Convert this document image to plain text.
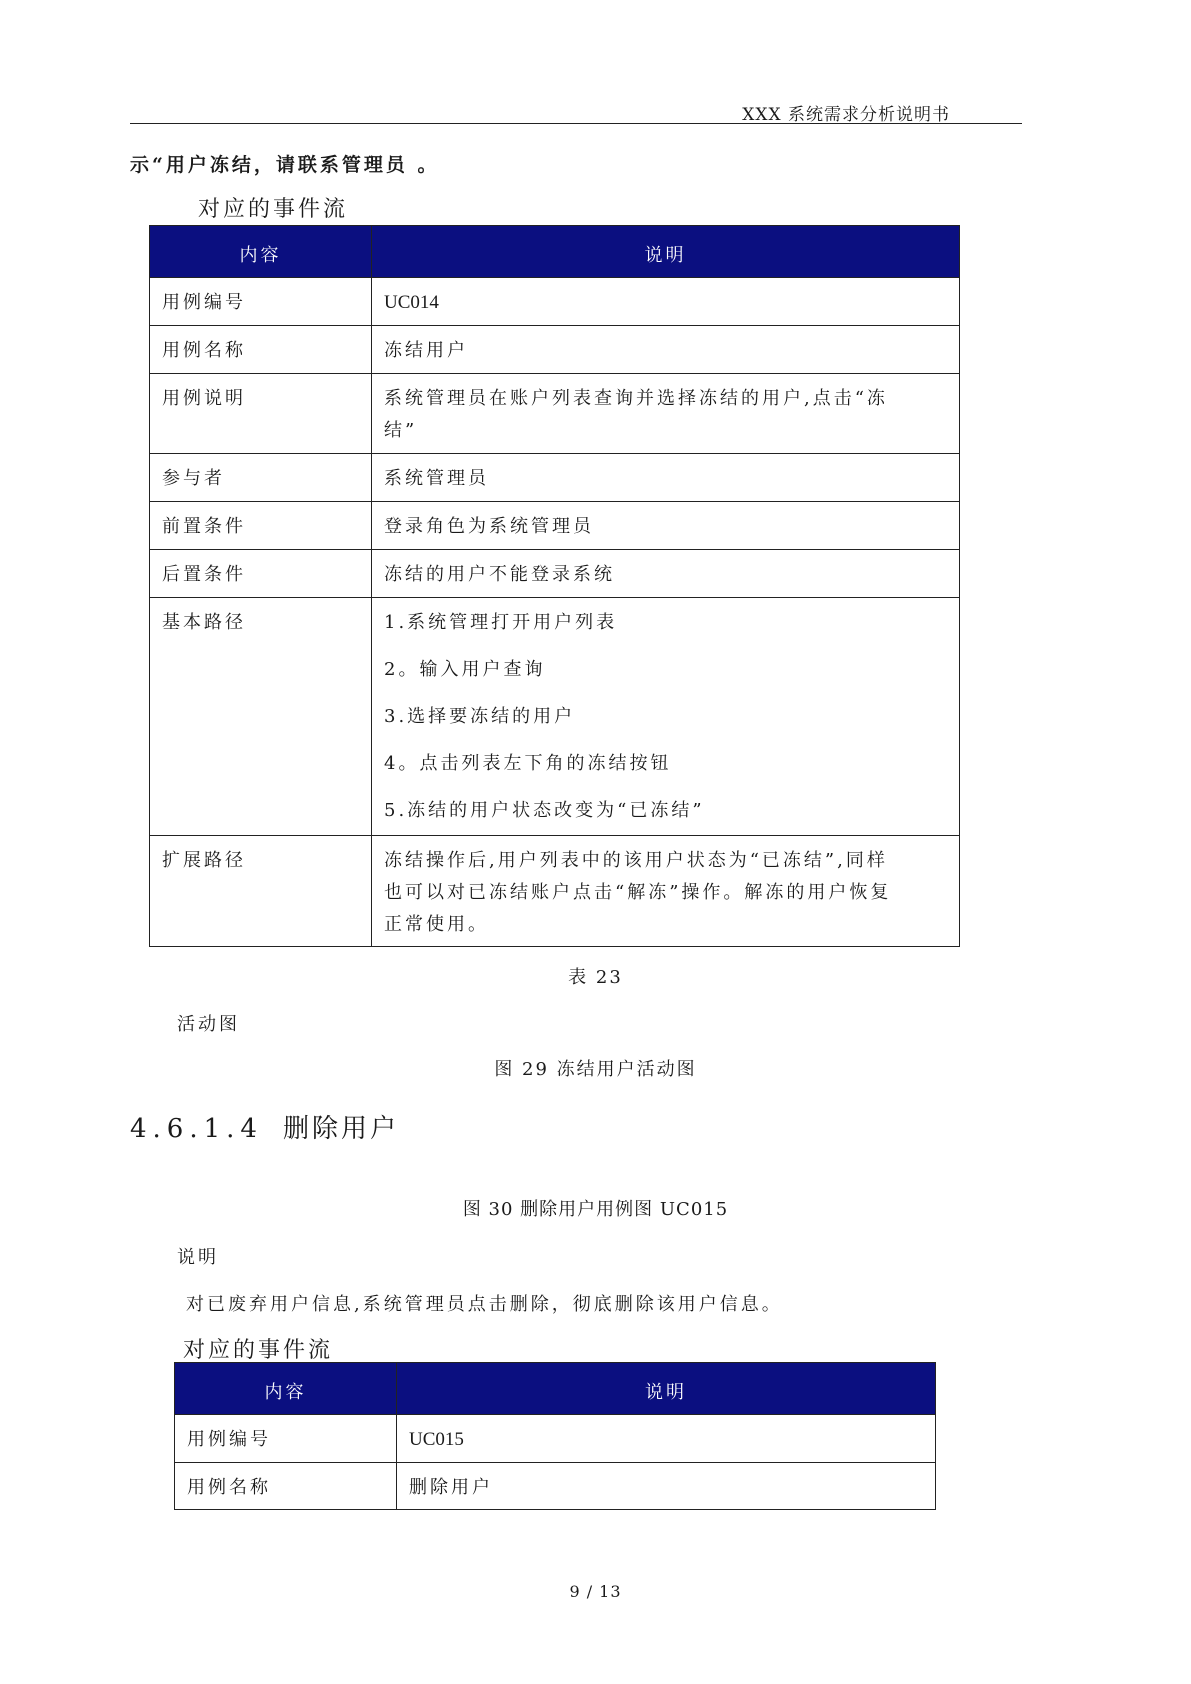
XXX 系统需求分析说明书
示“用户冻结，请联系管理员 。
对应的事件流
内容	说明
用例编号	UC014
用例名称	冻结用户
用例说明	系统管理员在账户列表查询并选择冻结的用户,点击“冻
结”

参与者	系统管理员
前置条件	登录角色为系统管理员
后置条件	冻结的用户不能登录系统
基本路径	1.系统管理打开用户列表
2。输入用户查询
3.选择要冻结的用户
4。点击列表左下角的冻结按钮
5.冻结的用户状态改变为“已冻结”

扩展路径	冻结操作后,用户列表中的该用户状态为“已冻结”,同样
也可以对已冻结账户点击“解冻”操作。解冻的用户恢复
正常使用。
表 23
活动图
图 29 冻结用户活动图
4.6.1.4 删除用户
图 30 删除用户用例图 UC015
说明
对已废弃用户信息,系统管理员点击删除，彻底删除该用户信息。
对应的事件流
内容	说明
用例编号	UC015
用例名称	删除用户
9 / 13
